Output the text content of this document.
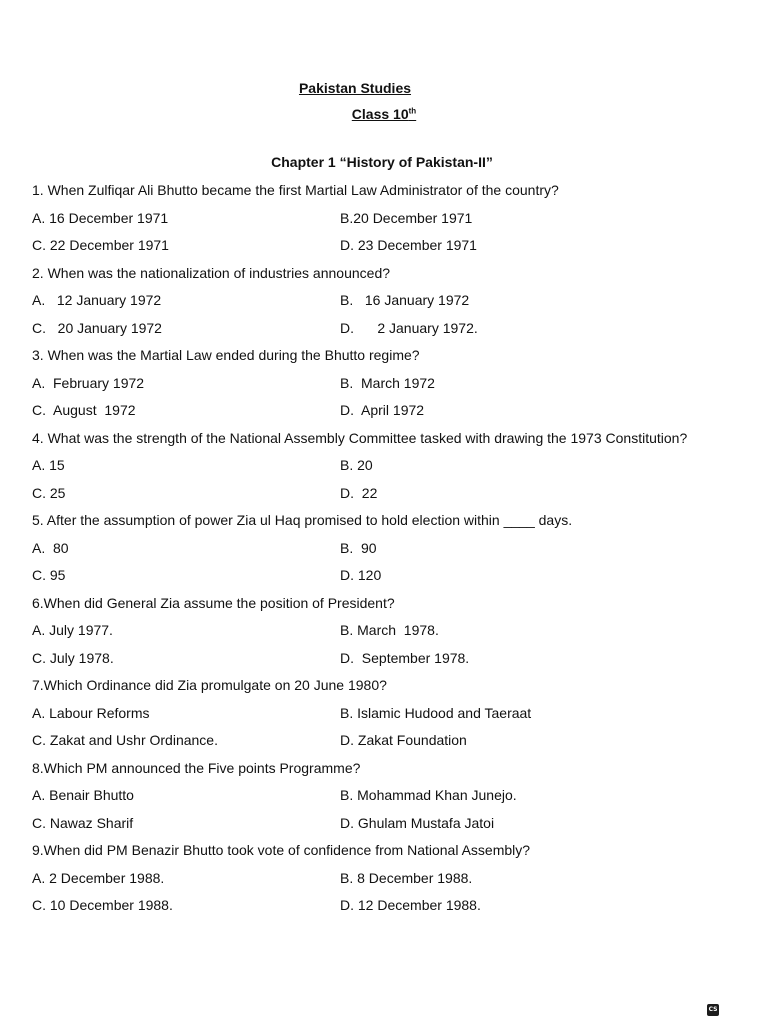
Pakistan Studies
Class 10th
Chapter 1 “History of Pakistan-II”
1. When Zulfiqar Ali Bhutto became the first Martial Law Administrator of the country?
A. 16 December 1971	B.20 December 1971
C. 22 December 1971	D. 23 December 1971
2. When was the nationalization of industries announced?
A.   12 January 1972	B.   16 January 1972
C.   20 January 1972	D.      2 January 1972.
3. When was the Martial Law ended during the Bhutto regime?
A.  February 1972	B.  March 1972
C.  August  1972	D.  April 1972
4. What was the strength of the National Assembly Committee tasked with drawing the 1973 Constitution?
A. 15	B. 20
C. 25	D.  22
5. After the assumption of power Zia ul Haq promised to hold election within ____ days.
A.  80	B.  90
C. 95	D. 120
6.When did General Zia assume the position of President?
A. July 1977.	B. March  1978.
C. July 1978.	D.  September 1978.
7.Which Ordinance did Zia promulgate on 20 June 1980?
A. Labour Reforms	B. Islamic Hudood and Taeraat
C. Zakat and Ushr Ordinance.	D. Zakat Foundation
8.Which PM announced the Five points Programme?
A. Benair Bhutto	B. Mohammad Khan Junejo.
C. Nawaz Sharif	D. Ghulam Mustafa Jatoi
9.When did PM Benazir Bhutto took vote of confidence from National Assembly?
A. 2 December 1988.	B. 8 December 1988.
C. 10 December 1988.	D. 12 December 1988.
CS
